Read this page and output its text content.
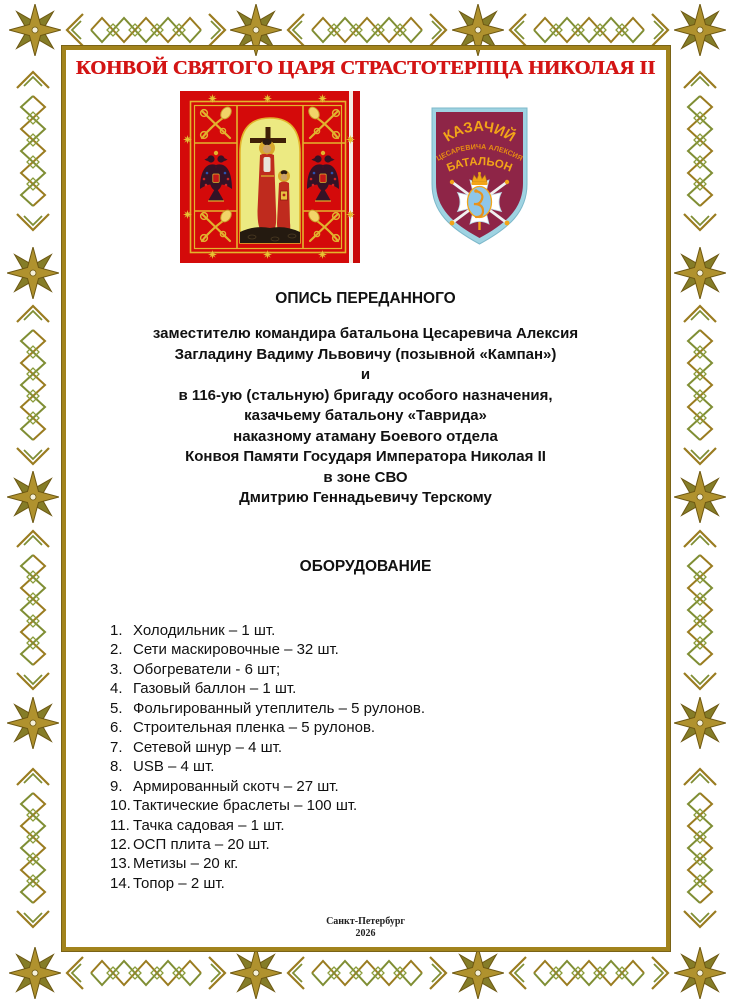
КОНВОЙ СВЯТОГО ЦАРЯ СТРАСТОТЕРПЦА НИКОЛАЯ II
КАЗАЧИЙ
ЦЕСАРЕВИЧА АЛЕКСИЯ
БАТАЛЬОН
ОПИСЬ ПЕРЕДАННОГО
заместителю командира батальона Цесаревича Алексия
Загладину Вадиму Львовичу (позывной «Кампан»)
и
в 116-ую (стальную) бригаду особого назначения,
казачьему батальону «Таврида»
наказному атаману Боевого отдела
Конвоя Памяти Государя Императора Николая II
в зоне СВО
Дмитрию Геннадьевичу Терскому
ОБОРУДОВАНИЕ
1. Холодильник – 1 шт.
2. Сети маскировочные – 32 шт.
3. Обогреватели - 6 шт;
4. Газовый баллон – 1 шт.
5. Фольгированный утеплитель – 5 рулонов.
6. Строительная пленка – 5 рулонов.
7. Сетевой шнур – 4 шт.
8. USB – 4 шт.
9. Армированный скотч – 27 шт.
10. Тактические браслеты – 100 шт.
11. Тачка садовая – 1 шт.
12. ОСП плита – 20 шт.
13. Метизы – 20 кг.
14. Топор – 2 шт.
Санкт-Петербург
2026
